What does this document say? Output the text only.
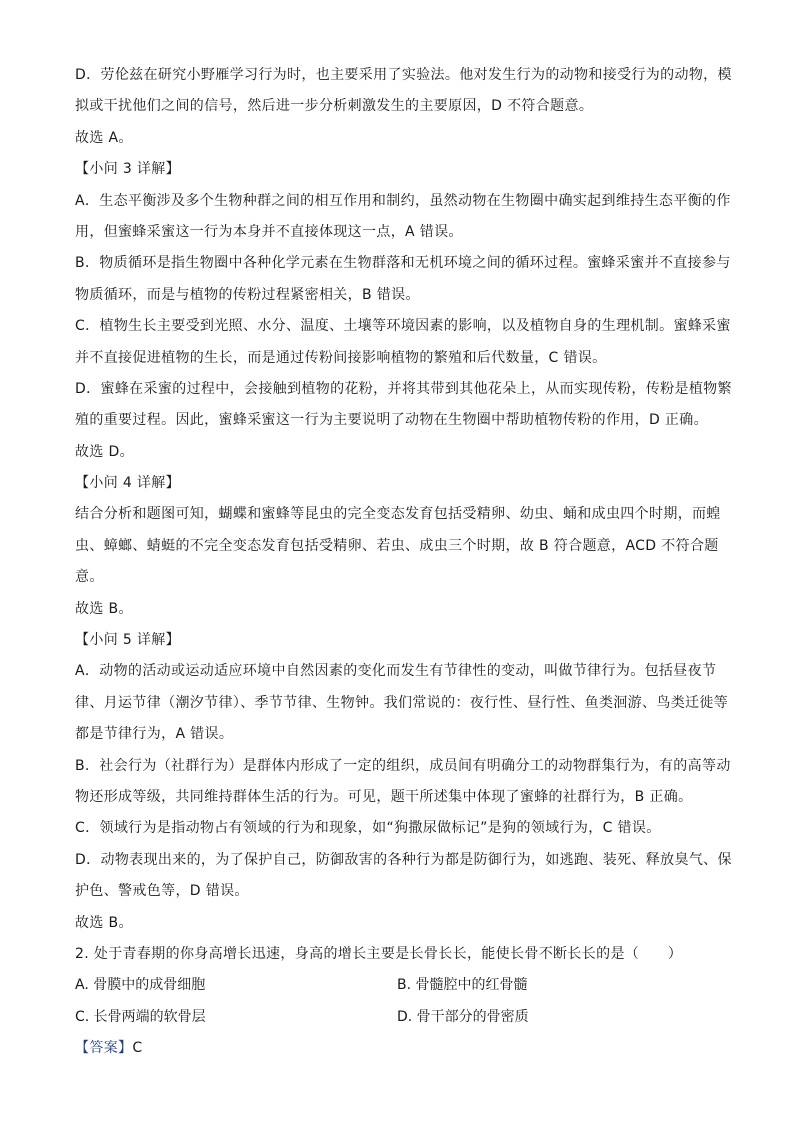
D．劳伦兹在研究小野雁学习行为时，也主要采用了实验法。他对发生行为的动物和接受行为的动物，模
拟或干扰他们之间的信号，然后进一步分析刺激发生的主要原因，D 不符合题意。
故选 A。
【小问 3 详解】
A．生态平衡涉及多个生物种群之间的相互作用和制约，虽然动物在生物圈中确实起到维持生态平衡的作
用，但蜜蜂采蜜这一行为本身并不直接体现这一点，A 错误。
B．物质循环是指生物圈中各种化学元素在生物群落和无机环境之间的循环过程。蜜蜂采蜜并不直接参与
物质循环，而是与植物的传粉过程紧密相关，B 错误。
C．植物生长主要受到光照、水分、温度、土壤等环境因素的影响，以及植物自身的生理机制。蜜蜂采蜜
并不直接促进植物的生长，而是通过传粉间接影响植物的繁殖和后代数量，C 错误。
D．蜜蜂在采蜜的过程中，会接触到植物的花粉，并将其带到其他花朵上，从而实现传粉，传粉是植物繁
殖的重要过程。因此，蜜蜂采蜜这一行为主要说明了动物在生物圈中帮助植物传粉的作用，D 正确。
故选 D。
【小问 4 详解】
结合分析和题图可知，蝴蝶和蜜蜂等昆虫的完全变态发育包括受精卵、幼虫、蛹和成虫四个时期，而蝗
虫、蟑螂、蜻蜓的不完全变态发育包括受精卵、若虫、成虫三个时期，故 B 符合题意，ACD 不符合题
意。
故选 B。
【小问 5 详解】
A．动物的活动或运动适应环境中自然因素的变化而发生有节律性的变动，叫做节律行为。包括昼夜节
律、月运节律（潮汐节律）、季节节律、生物钟。我们常说的：夜行性、昼行性、鱼类洄游、鸟类迁徙等
都是节律行为，A 错误。
B．社会行为（社群行为）是群体内形成了一定的组织，成员间有明确分工的动物群集行为，有的高等动
物还形成等级，共同维持群体生活的行为。可见，题干所述集中体现了蜜蜂的社群行为，B 正确。
C．领域行为是指动物占有领域的行为和现象，如“狗撒尿做标记”是狗的领域行为，C 错误。
D．动物表现出来的，为了保护自己，防御敌害的各种行为都是防御行为，如逃跑、装死、释放臭气、保
护色、警戒色等，D 错误。
故选 B。
2. 处于青春期的你身高增长迅速，身高的增长主要是长骨长长，能使长骨不断长长的是（　　）
A. 骨膜中的成骨细胞	B. 骨髓腔中的红骨髓
C. 长骨两端的软骨层	D. 骨干部分的骨密质
【答案】C
